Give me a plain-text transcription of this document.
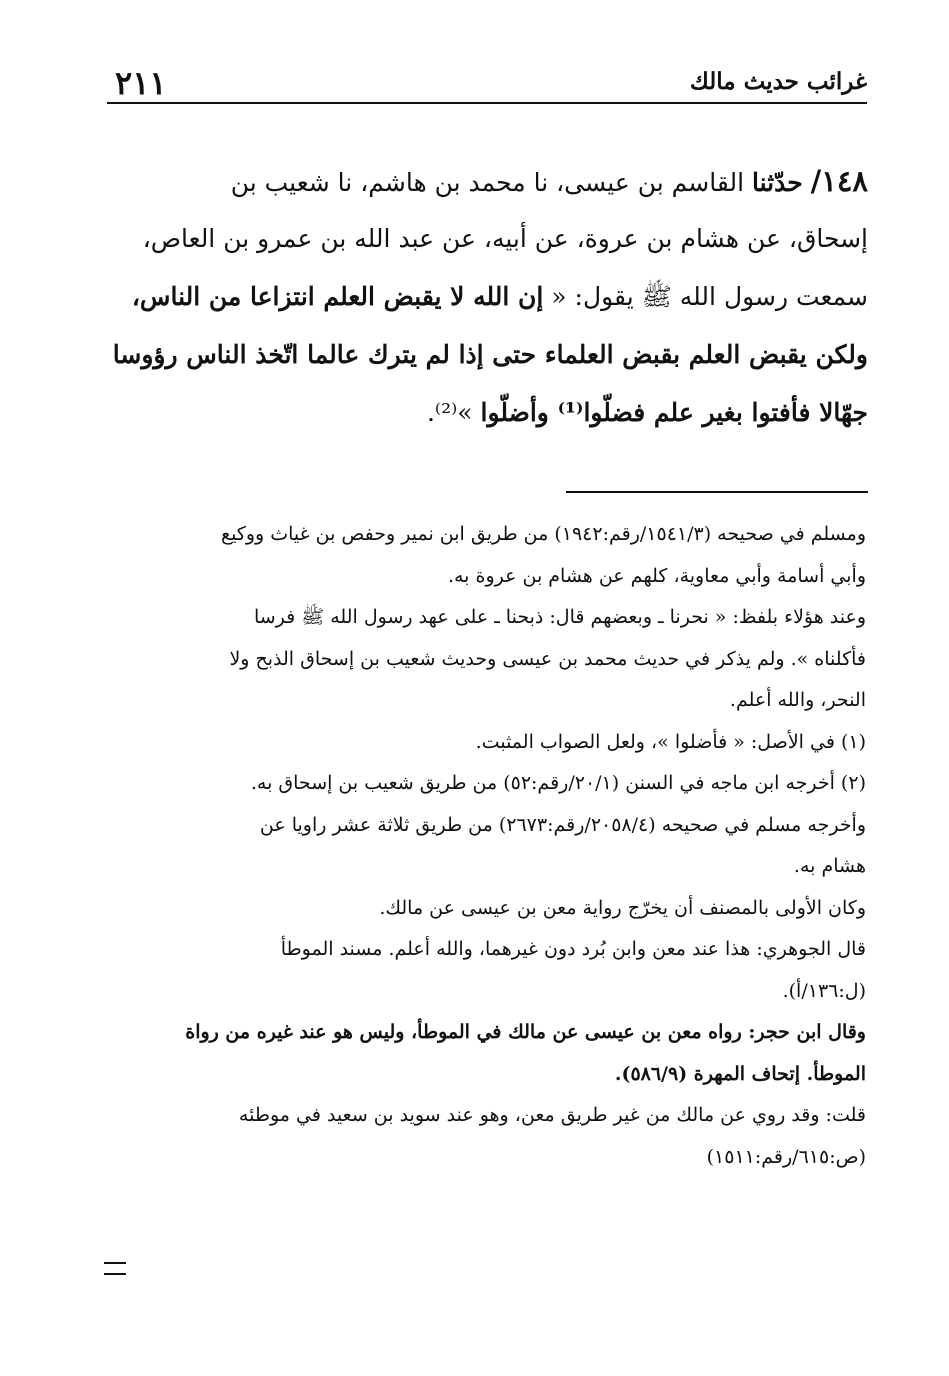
غرائب حديث مالك
٢١١
١٤٨/ حدّثنا القاسم بن عيسى، نا محمد بن هاشم، نا شعيب بن
إسحاق، عن هشام بن عروة، عن أبيه، عن عبد الله بن عمرو بن العاص،
سمعت رسول الله ﷺ يقول: « إن الله لا يقبض العلم انتزاعا من الناس،
ولكن يقبض العلم بقبض العلماء حتى إذا لم يترك عالما اتّخذ الناس رؤوسا
جهّالا فأفتوا بغير علم فضلّوا⁽¹⁾ وأضلّوا »⁽²⁾.
ومسلم في صحيحه (١٥٤١/٣/رقم:١٩٤٢) من طريق ابن نمير وحفص بن غياث ووكيع
وأبي أسامة وأبي معاوية، كلهم عن هشام بن عروة به.
وعند هؤلاء بلفظ: « نحرنا ـ وبعضهم قال: ذبحنا ـ على عهد رسول الله ﷺ فرسا
فأكلناه ». ولم يذكر في حديث محمد بن عيسى وحديث شعيب بن إسحاق الذبح ولا
النحر، والله أعلم.
(١) في الأصل: « فأضلوا »، ولعل الصواب المثبت.
(٢) أخرجه ابن ماجه في السنن (٢٠/١/رقم:٥٢) من طريق شعيب بن إسحاق به.
وأخرجه مسلم في صحيحه (٢٠٥٨/٤/رقم:٢٦٧٣) من طريق ثلاثة عشر راويا عن
هشام به.
وكان الأولى بالمصنف أن يخرّج رواية معن بن عيسى عن مالك.
قال الجوهري: هذا عند معن وابن بُرد دون غيرهما، والله أعلم. مسند الموطأ
(ل:١٣٦/أ).
وقال ابن حجر: رواه معن بن عيسى عن مالك في الموطأ، وليس هو عند غيره من رواة
الموطأ. إتحاف المهرة (٥٨٦/٩).
قلت: وقد روي عن مالك من غير طريق معن، وهو عند سويد بن سعيد في موطئه
(ص:٦١٥/رقم:١٥١١)
